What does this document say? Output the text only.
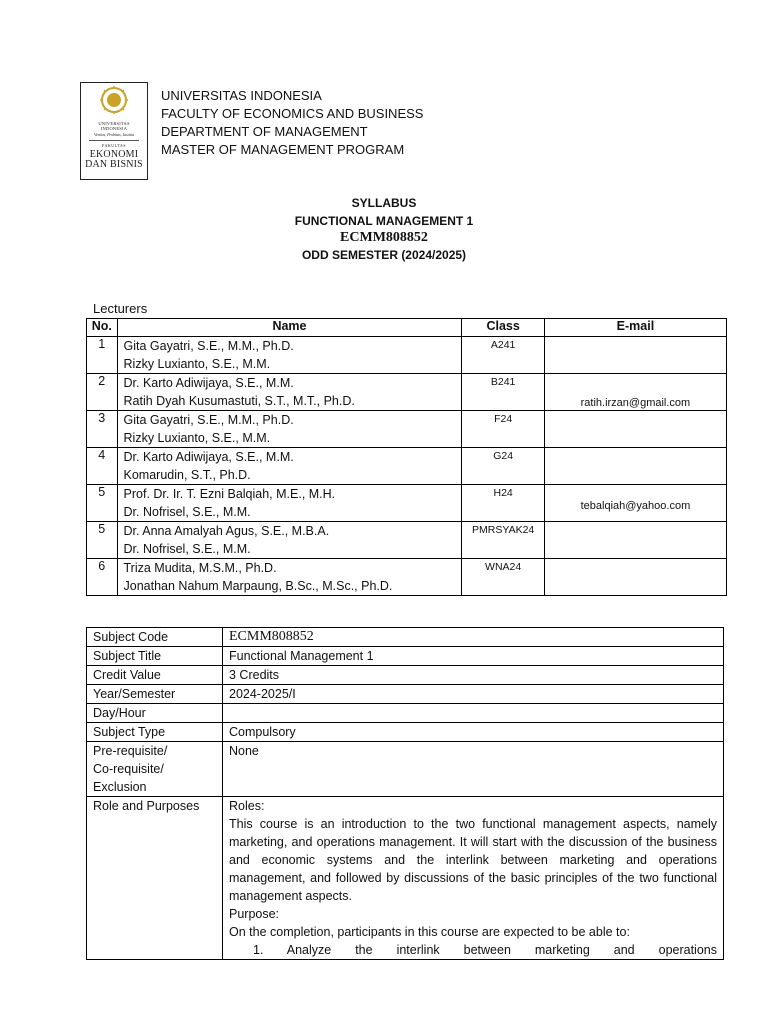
UNIVERSITAS
INDONESIA
Veritas, Probitas, Iustitia
FAKULTAS
EKONOMI
DAN BISNIS
UNIVERSITAS INDONESIA
FACULTY OF ECONOMICS AND BUSINESS
DEPARTMENT OF MANAGEMENT
MASTER OF MANAGEMENT PROGRAM
SYLLABUS
FUNCTIONAL MANAGEMENT 1
ECMM808852
ODD SEMESTER (2024/2025)
Lecturers
No.	Name	Class	E-mail
1	Gita Gayatri, S.E., M.M., Ph.D.
Rizky Luxianto, S.E., M.M.	A241	

2	Dr. Karto Adiwijaya, S.E., M.M.
Ratih Dyah Kusumastuti, S.T., M.T., Ph.D.	B241	ratih.irzan@gmail.com

3	Gita Gayatri, S.E., M.M., Ph.D.
Rizky Luxianto, S.E., M.M.	F24	

4	Dr. Karto Adiwijaya, S.E., M.M.
Komarudin, S.T., Ph.D.	G24	

5	Prof. Dr. Ir. T. Ezni Balqiah, M.E., M.H.
Dr. Nofrisel, S.E., M.M.	H24	tebalqiah@yahoo.com

5	Dr. Anna Amalyah Agus, S.E., M.B.A.
Dr. Nofrisel, S.E., M.M.	PMRSYAK24	

6	Triza Mudita, M.S.M., Ph.D.
Jonathan Nahum Marpaung, B.Sc., M.Sc., Ph.D.	WNA24	
Subject Code	ECMM808852
Subject Title	Functional Management 1
Credit Value	3 Credits
Year/Semester	2024-2025/I
Day/Hour	
Subject Type	Compulsory

Pre-requisite/
Co-requisite/
Exclusion	None
Role and Purposes	Roles:
This course is an introduction to the two functional management aspects, namely marketing, and operations management. It will start with the discussion of the business and economic systems and the interlink between marketing and operations management, and followed by discussions of the basic principles of the two functional management aspects.
Purpose:
On the completion, participants in this course are expected to be able to:
1. Analyze the interlink between marketing and operations
